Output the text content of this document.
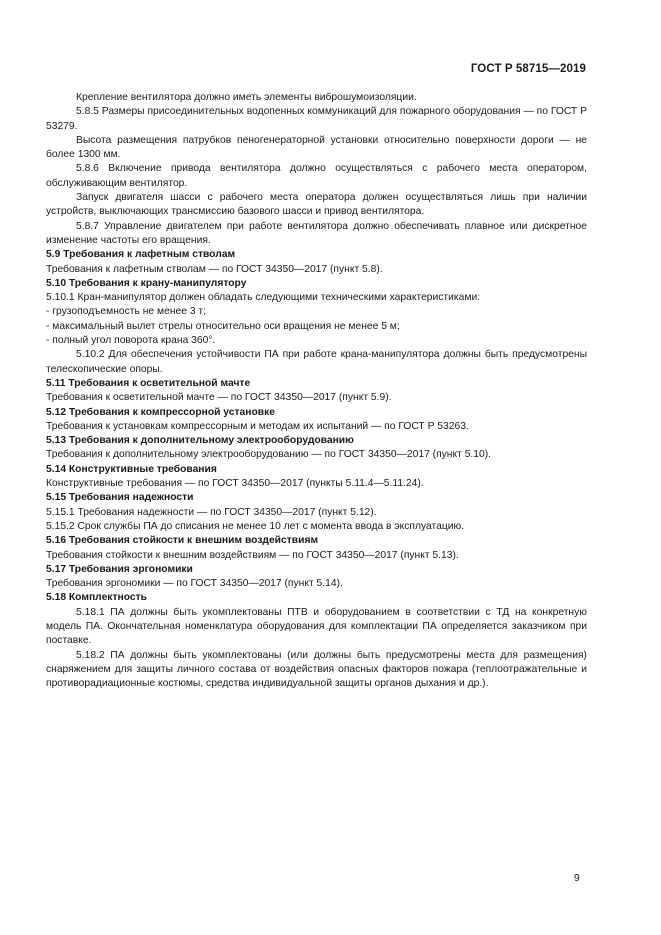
ГОСТ Р 58715—2019

Крепление вентилятора должно иметь элементы виброшумоизоляции.

5.8.5 Размеры присоединительных водопенных коммуникаций для пожарного оборудования — по ГОСТ Р 53279.

Высота размещения патрубков пеногенераторной установки относительно поверхности дороги — не более 1300 мм.

5.8.6 Включение привода вентилятора должно осуществляться с рабочего места оператором, обслуживающим вентилятор.

Запуск двигателя шасси с рабочего места оператора должен осуществляться лишь при наличии устройств, выключающих трансмиссию базового шасси и привод вентилятора.

5.8.7 Управление двигателем при работе вентилятора должно обеспечивать плавное или дискретное изменение частоты его вращения.

5.9 Требования к лафетным стволам

Требования к лафетным стволам — по ГОСТ 34350—2017 (пункт 5.8).

5.10 Требования к крану-манипулятору

5.10.1 Кран-манипулятор должен обладать следующими техническими характеристиками:

- грузоподъемность не менее 3 т;

- максимальный вылет стрелы относительно оси вращения не менее 5 м;

- полный угол поворота крана 360°.

5.10.2 Для обеспечения устойчивости ПА при работе крана-манипулятора должны быть предусмотрены телескопические опоры.

5.11 Требования к осветительной мачте

Требования к осветительной мачте — по ГОСТ 34350—2017 (пункт 5.9).

5.12 Требования к компрессорной установке

Требования к установкам компрессорным и методам их испытаний — по ГОСТ Р 53263.

5.13 Требования к дополнительному электрооборудованию

Требования к дополнительному электрооборудованию — по ГОСТ 34350—2017 (пункт 5.10).

5.14 Конструктивные требования

Конструктивные требования — по ГОСТ 34350—2017 (пункты 5.11.4—5.11.24).

5.15 Требования надежности

5.15.1 Требования надежности — по ГОСТ 34350—2017 (пункт 5.12).

5.15.2 Срок службы ПА до списания не менее 10 лет с момента ввода в эксплуатацию.

5.16 Требования стойкости к внешним воздействиям

Требования стойкости к внешним воздействиям — по ГОСТ 34350—2017 (пункт 5.13).

5.17 Требования эргономики

Требования эргономики — по ГОСТ 34350—2017 (пункт 5.14).

5.18 Комплектность

5.18.1 ПА должны быть укомплектованы ПТВ и оборудованием в соответствии с ТД на конкретную модель ПА. Окончательная номенклатура оборудования для комплектации ПА определяется заказчиком при поставке.

5.18.2 ПА должны быть укомплектованы (или должны быть предусмотрены места для размещения) снаряжением для защиты личного состава от воздействия опасных факторов пожара (теплоотражательные и противорадиационные костюмы, средства индивидуальной защиты органов дыхания и др.).

9
